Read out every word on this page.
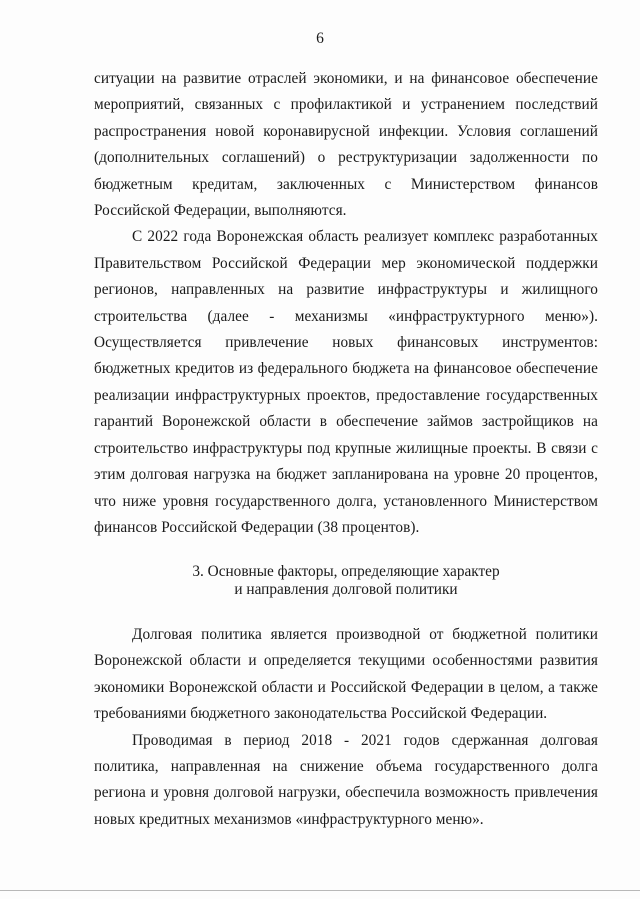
6

ситуации на развитие отраслей экономики, и на финансовое обеспечение мероприятий, связанных с профилактикой и устранением последствий распространения новой коронавирусной инфекции. Условия соглашений (дополнительных соглашений) о реструктуризации задолженности по бюджетным кредитам, заключенных с Министерством финансов Российской Федерации, выполняются.

С 2022 года Воронежская область реализует комплекс разработанных Правительством Российской Федерации мер экономической поддержки регионов, направленных на развитие инфраструктуры и жилищного строительства (далее - механизмы «инфраструктурного меню»). Осуществляется привлечение новых финансовых инструментов: бюджетных кредитов из федерального бюджета на финансовое обеспечение реализации инфраструктурных проектов, предоставление государственных гарантий Воронежской области в обеспечение займов застройщиков на строительство инфраструктуры под крупные жилищные проекты. В связи с этим долговая нагрузка на бюджет запланирована на уровне 20 процентов, что ниже уровня государственного долга, установленного Министерством финансов Российской Федерации (38 процентов).

3. Основные факторы, определяющие характер
и направления долговой политики

Долговая политика является производной от бюджетной политики Воронежской области и определяется текущими особенностями развития экономики Воронежской области и Российской Федерации в целом, а также требованиями бюджетного законодательства Российской Федерации.

Проводимая в период 2018 - 2021 годов сдержанная долговая политика, направленная на снижение объема государственного долга региона и уровня долговой нагрузки, обеспечила возможность привлечения новых кредитных механизмов «инфраструктурного меню».
